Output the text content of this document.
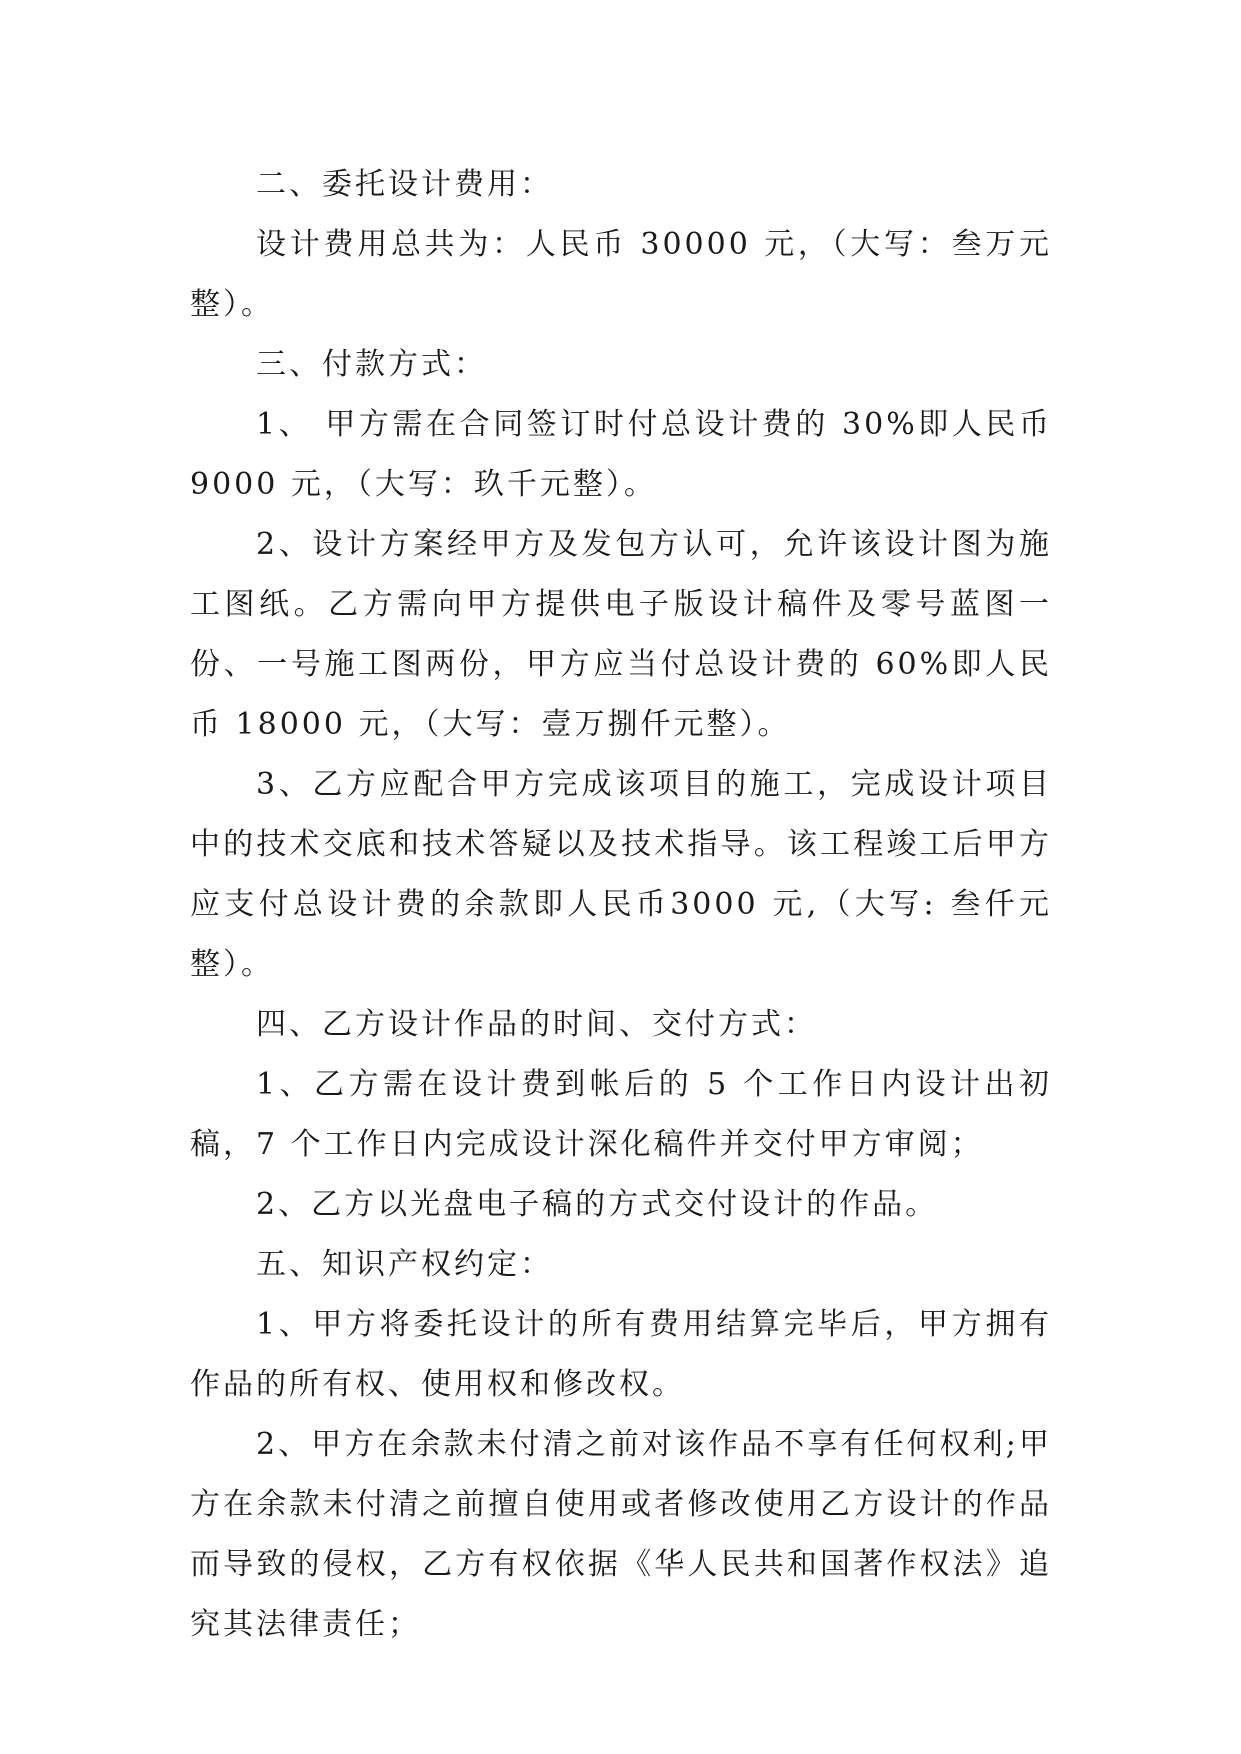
二、委托设计费用：

设计费用总共为：人民币 30000 元，（大写：叁万元整）。

三、付款方式：

1、 甲方需在合同签订时付总设计费的 30%即人民币 9000 元，（大写：玖千元整）。

2、设计方案经甲方及发包方认可，允许该设计图为施工图纸。乙方需向甲方提供电子版设计稿件及零号蓝图一份、一号施工图两份，甲方应当付总设计费的 60%即人民币 18000 元，（大写：壹万捌仟元整）。

3、乙方应配合甲方完成该项目的施工，完成设计项目中的技术交底和技术答疑以及技术指导。该工程竣工后甲方应支付总设计费的余款即人民币3000 元,（大写: 叁仟元整）。

四、乙方设计作品的时间、交付方式：

1、乙方需在设计费到帐后的 5 个工作日内设计出初稿，7 个工作日内完成设计深化稿件并交付甲方审阅；

2、乙方以光盘电子稿的方式交付设计的作品。

五、知识产权约定：

1、甲方将委托设计的所有费用结算完毕后，甲方拥有作品的所有权、使用权和修改权。

2、甲方在余款未付清之前对该作品不享有任何权利;甲方在余款未付清之前擅自使用或者修改使用乙方设计的作品而导致的侵权，乙方有权依据《华人民共和国著作权法》追究其法律责任；
